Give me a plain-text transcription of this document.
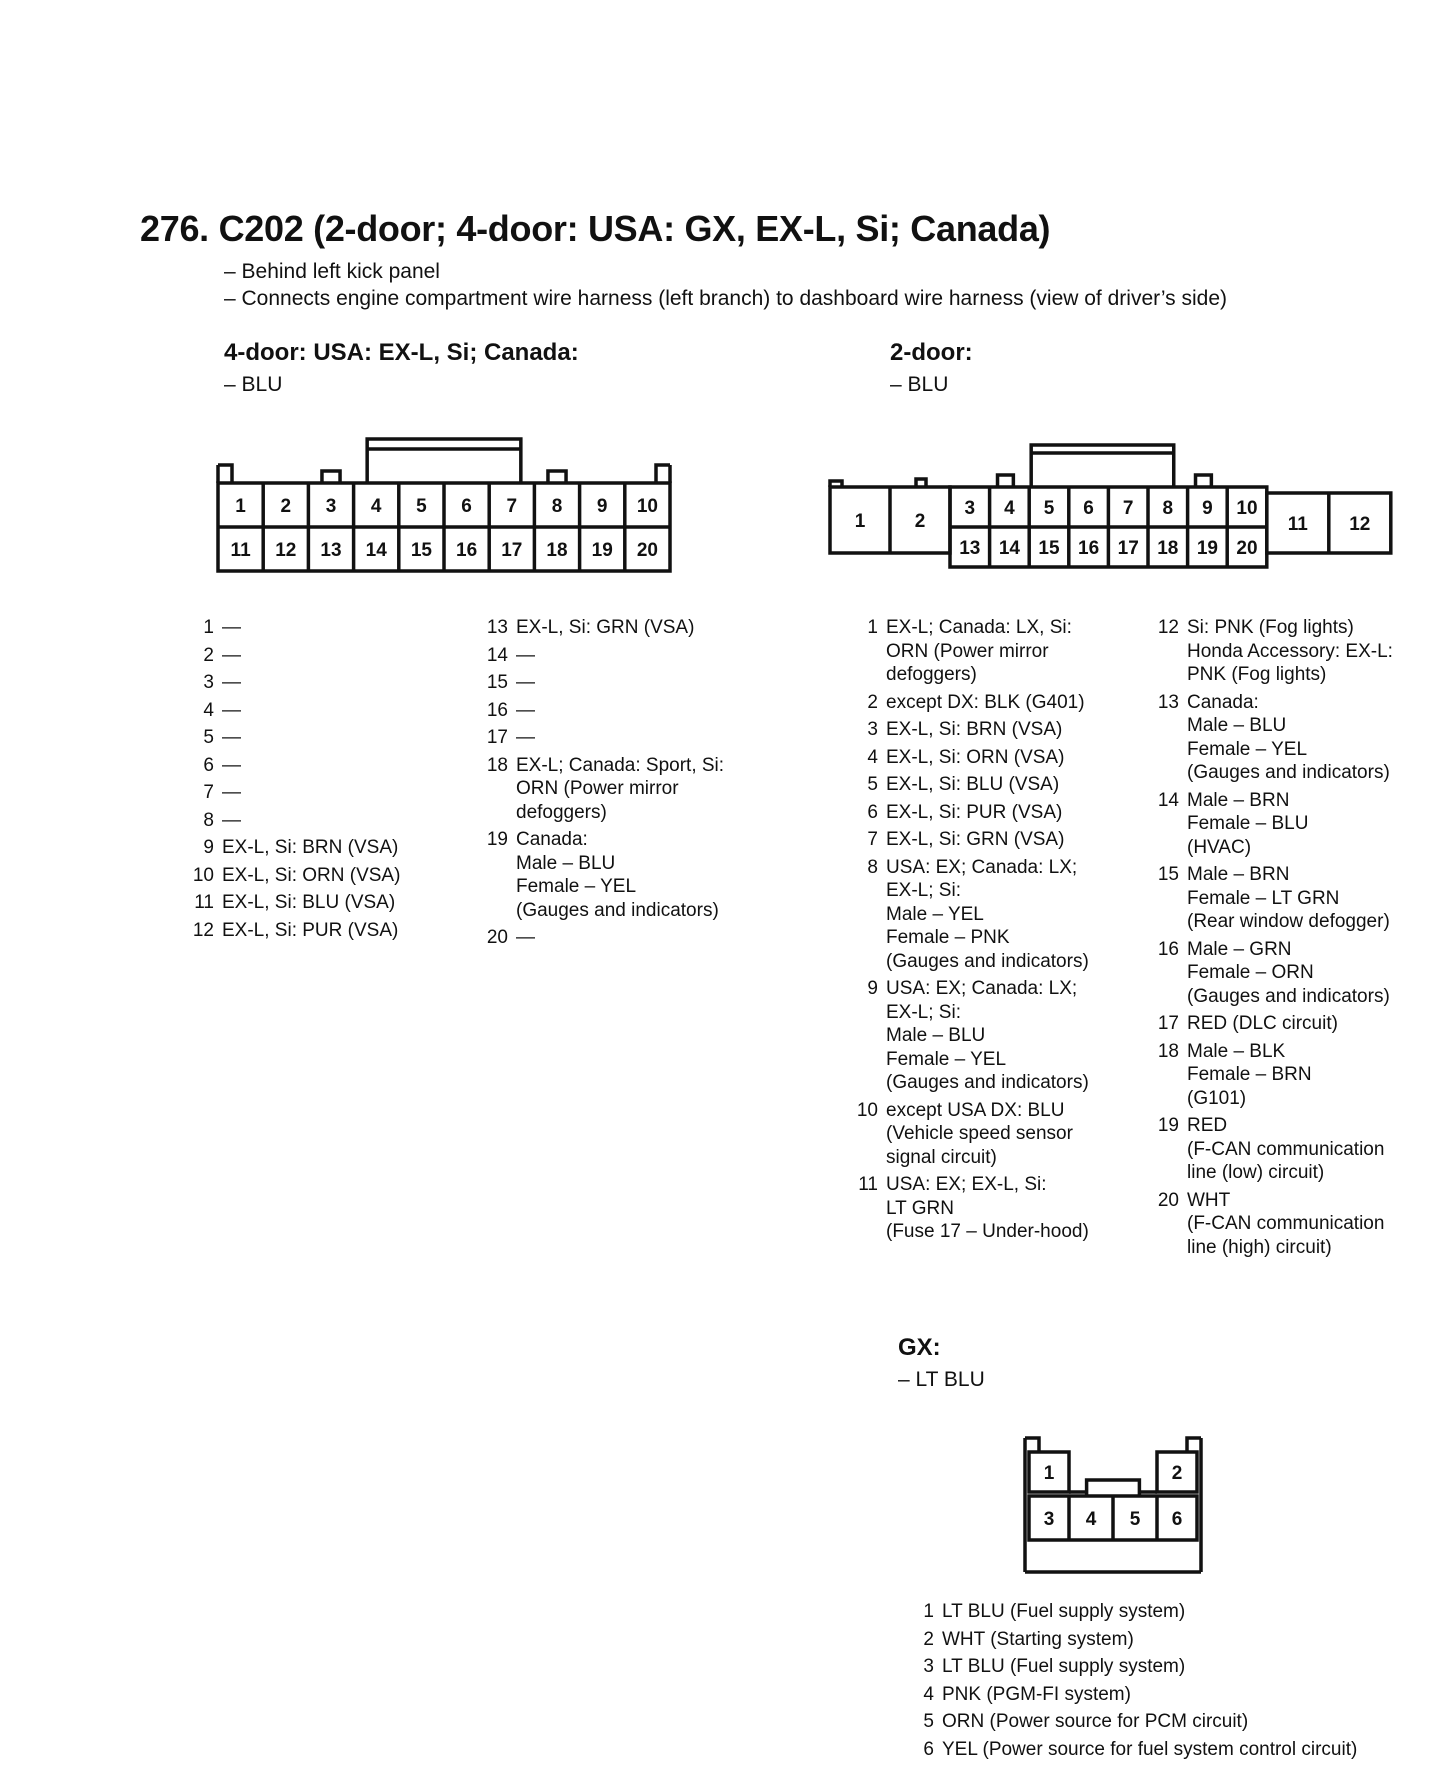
276. C202 (2-door; 4-door: USA: GX, EX-L, Si; Canada)
– Behind left kick panel
– Connects engine compartment wire harness (left branch) to dashboard wire harness (view of driver’s side)
4-door: USA: EX-L, Si; Canada:
– BLU
1 2 3 4 5 6 7 8 9 10
11 12 13 14 15 16 17 18 19 20
2-door:
– BLU
1	2
3 4 5 6 7 8 9 10
13 14 15 16 17 18 19 20
11 12
1 —
2 —
3 —
4 —
5 —
6 —
7 —
8 —
9 EX-L, Si: BRN (VSA)
10 EX-L, Si: ORN (VSA)
11 EX-L, Si: BLU (VSA)
12 EX-L, Si: PUR (VSA)
13 EX-L, Si: GRN (VSA)
14 —
15 —
16 —
17 —
18 EX-L; Canada: Sport, Si:
ORN (Power mirror
defoggers)
19 Canada:
Male – BLU
Female – YEL
(Gauges and indicators)
20 —
1 EX-L; Canada: LX, Si:
ORN (Power mirror
defoggers)
2 except DX: BLK (G401)
3 EX-L, Si: BRN (VSA)
4 EX-L, Si: ORN (VSA)
5 EX-L, Si: BLU (VSA)
6 EX-L, Si: PUR (VSA)
7 EX-L, Si: GRN (VSA)
8 USA: EX; Canada: LX;
EX-L; Si:
Male – YEL
Female – PNK
(Gauges and indicators)
9 USA: EX; Canada: LX;
EX-L; Si:
Male – BLU
Female – YEL
(Gauges and indicators)
10 except USA DX: BLU
(Vehicle speed sensor
signal circuit)
11 USA: EX; EX-L, Si:
LT GRN
(Fuse 17 – Under-hood)
12 Si: PNK (Fog lights)
Honda Accessory: EX-L:
PNK (Fog lights)
13 Canada:
Male – BLU
Female – YEL
(Gauges and indicators)
14 Male – BRN
Female – BLU
(HVAC)
15 Male – BRN
Female – LT GRN
(Rear window defogger)
16 Male – GRN
Female – ORN
(Gauges and indicators)
17 RED (DLC circuit)
18 Male – BLK
Female – BRN
(G101)
19 RED
(F-CAN communication
line (low) circuit)
20 WHT
(F-CAN communication
line (high) circuit)
GX:
– LT BLU
1	2
3 4 5 6
1 LT BLU (Fuel supply system)
2 WHT (Starting system)
3 LT BLU (Fuel supply system)
4 PNK (PGM-FI system)
5 ORN (Power source for PCM circuit)
6 YEL (Power source for fuel system control circuit)
